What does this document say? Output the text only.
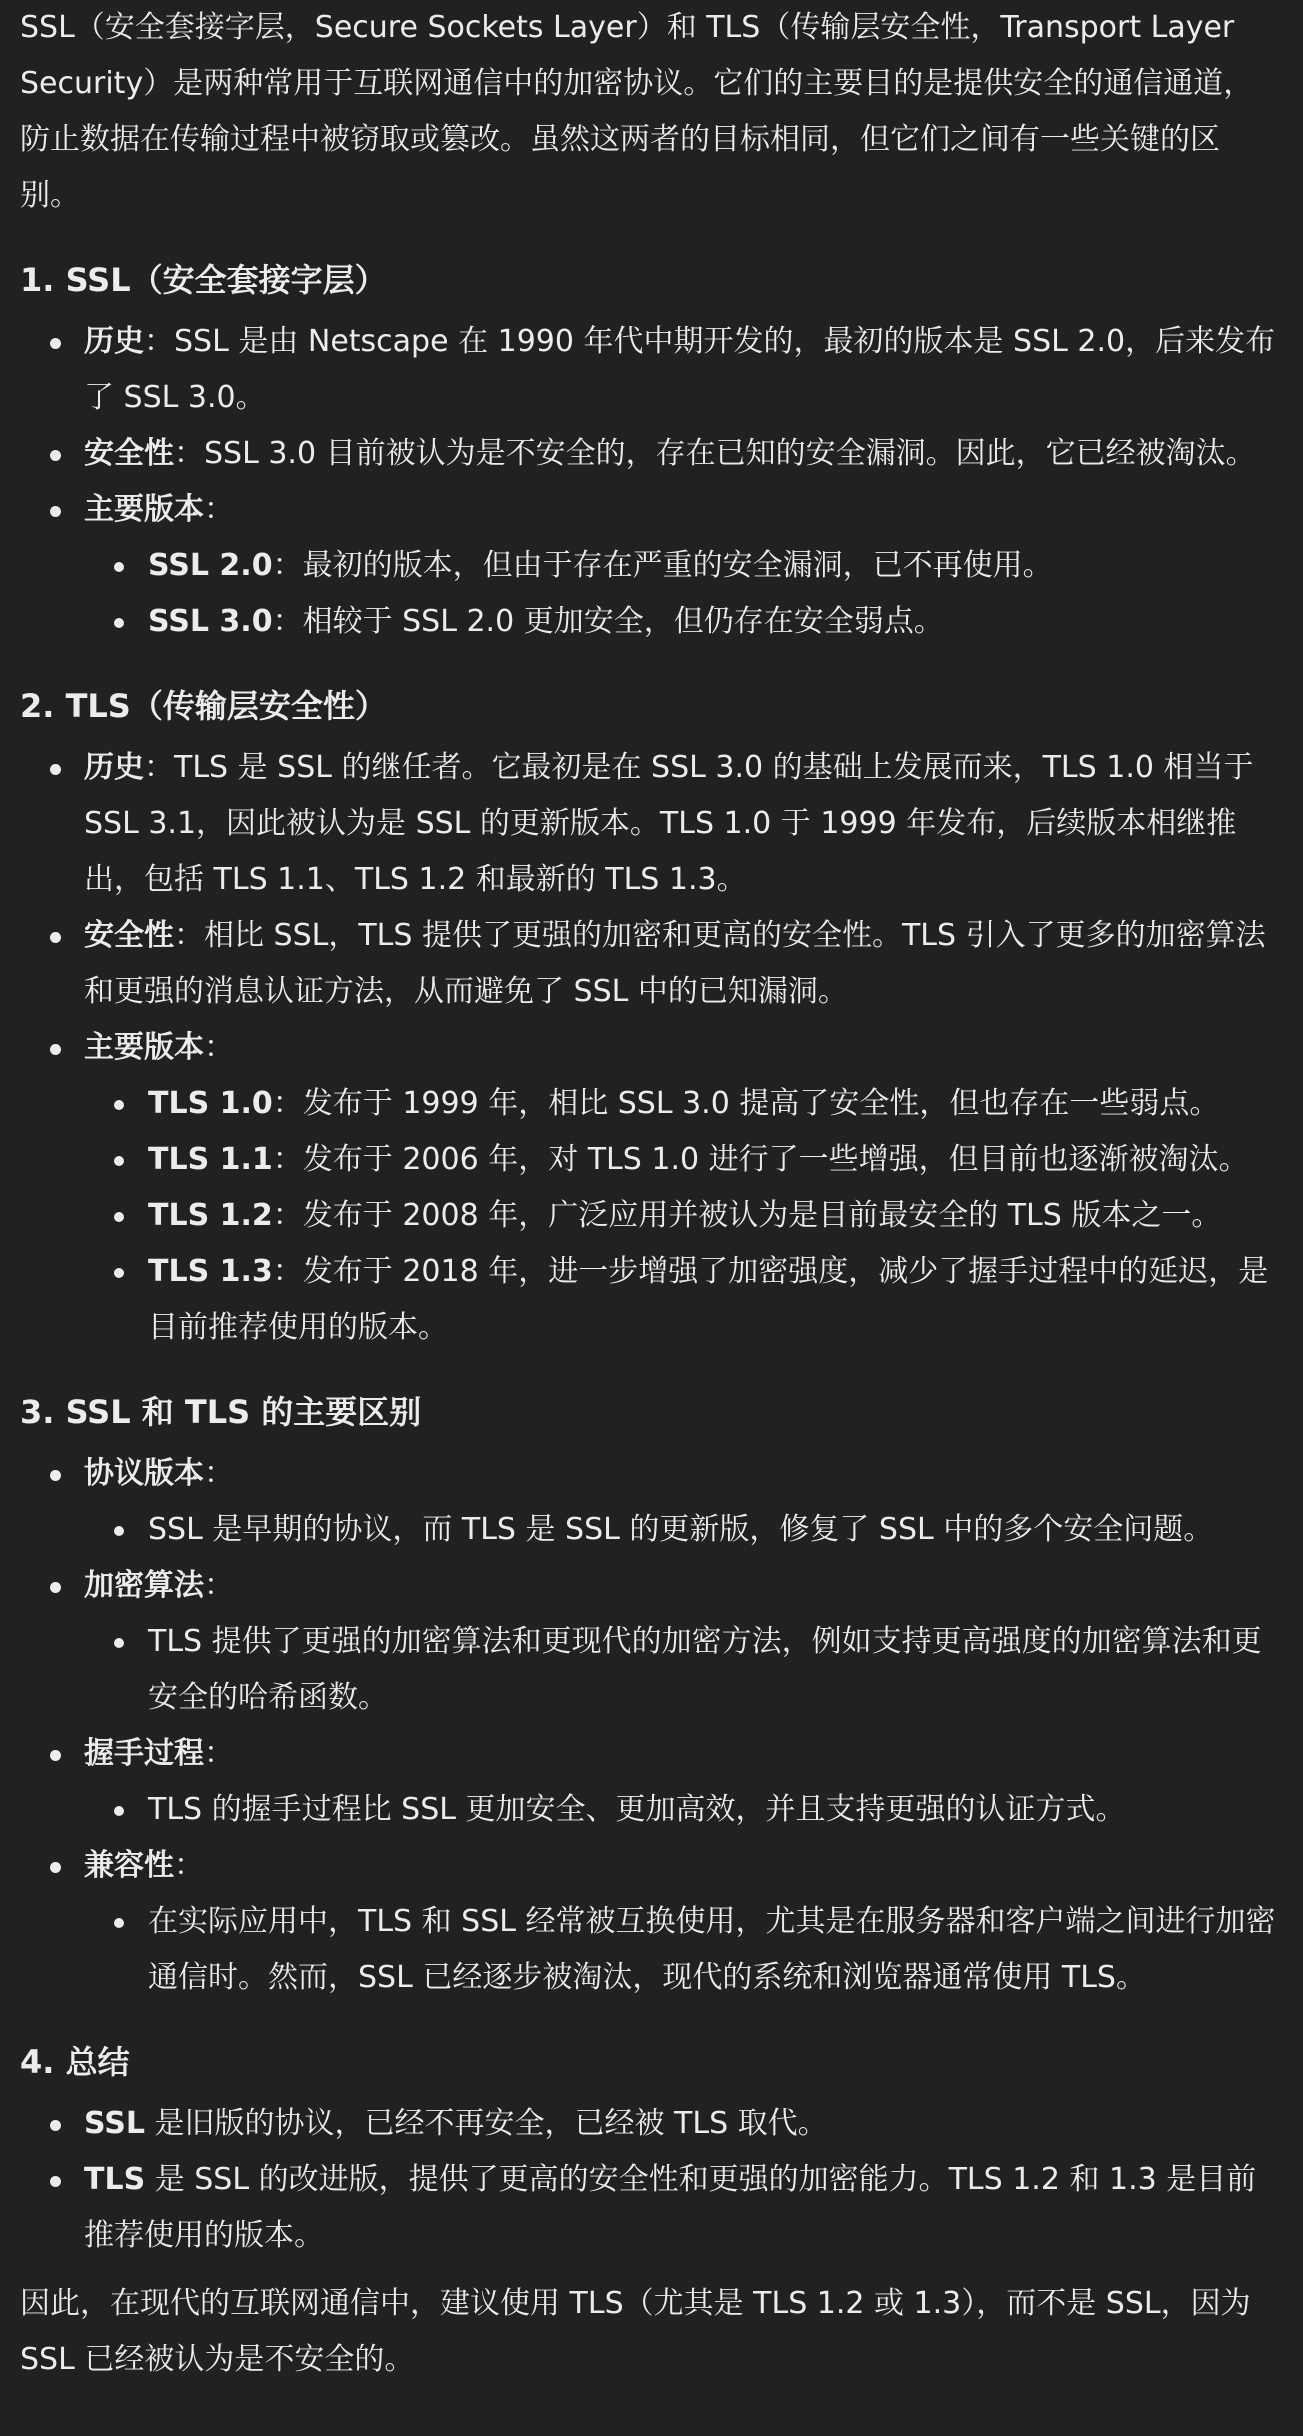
SSL（安全套接字层，Secure Sockets Layer）和 TLS（传输层安全性，Transport Layer Security）是两种常用于互联网通信中的加密协议。它们的主要目的是提供安全的通信通道，防止数据在传输过程中被窃取或篡改。虽然这两者的目标相同，但它们之间有一些关键的区别。

1. SSL（安全套接字层）
历史：SSL 是由 Netscape 在 1990 年代中期开发的，最初的版本是 SSL 2.0，后来发布了 SSL 3.0。
安全性：SSL 3.0 目前被认为是不安全的，存在已知的安全漏洞。因此，它已经被淘汰。
主要版本：
SSL 2.0：最初的版本，但由于存在严重的安全漏洞，已不再使用。
SSL 3.0：相较于 SSL 2.0 更加安全，但仍存在安全弱点。
2. TLS（传输层安全性）
历史：TLS 是 SSL 的继任者。它最初是在 SSL 3.0 的基础上发展而来，TLS 1.0 相当于 SSL 3.1，因此被认为是 SSL 的更新版本。TLS 1.0 于 1999 年发布，后续版本相继推出，包括 TLS 1.1、TLS 1.2 和最新的 TLS 1.3。
安全性：相比 SSL，TLS 提供了更强的加密和更高的安全性。TLS 引入了更多的加密算法和更强的消息认证方法，从而避免了 SSL 中的已知漏洞。
主要版本：
TLS 1.0：发布于 1999 年，相比 SSL 3.0 提高了安全性，但也存在一些弱点。
TLS 1.1：发布于 2006 年，对 TLS 1.0 进行了一些增强，但目前也逐渐被淘汰。
TLS 1.2：发布于 2008 年，广泛应用并被认为是目前最安全的 TLS 版本之一。
TLS 1.3：发布于 2018 年，进一步增强了加密强度，减少了握手过程中的延迟，是目前推荐使用的版本。
3. SSL 和 TLS 的主要区别
协议版本：
SSL 是早期的协议，而 TLS 是 SSL 的更新版，修复了 SSL 中的多个安全问题。
加密算法：
TLS 提供了更强的加密算法和更现代的加密方法，例如支持更高强度的加密算法和更安全的哈希函数。
握手过程：
TLS 的握手过程比 SSL 更加安全、更加高效，并且支持更强的认证方式。
兼容性：
在实际应用中，TLS 和 SSL 经常被互换使用，尤其是在服务器和客户端之间进行加密通信时。然而，SSL 已经逐步被淘汰，现代的系统和浏览器通常使用 TLS。
4. 总结
SSL 是旧版的协议，已经不再安全，已经被 TLS 取代。
TLS 是 SSL 的改进版，提供了更高的安全性和更强的加密能力。TLS 1.2 和 1.3 是目前推荐使用的版本。

因此，在现代的互联网通信中，建议使用 TLS（尤其是 TLS 1.2 或 1.3），而不是 SSL，因为 SSL 已经被认为是不安全的。
